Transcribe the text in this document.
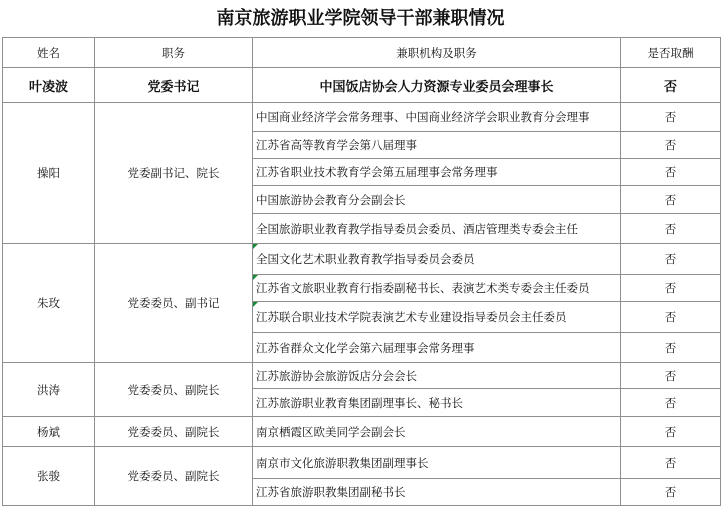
南京旅游职业学院领导干部兼职情况
姓名	职务	兼职机构及职务	是否取酬
叶凌波	党委书记	中国饭店协会人力资源专业委员会理事长	否
操阳	党委副书记、院长	中国商业经济学会常务理事、中国商业经济学会职业教育分会理事	否
		江苏省高等教育学会第八届理事	否
		江苏省职业技术教育学会第五届理事会常务理事	否
		中国旅游协会教育分会副会长	否
		全国旅游职业教育教学指导委员会委员、酒店管理类专委会主任	否
朱玫	党委委员、副书记	全国文化艺术职业教育教学指导委员会委员	否
		江苏省文旅职业教育行指委副秘书长、表演艺术类专委会主任委员	否
		江苏联合职业技术学院表演艺术专业建设指导委员会主任委员	否
		江苏省群众文化学会第六届理事会常务理事	否
洪涛	党委委员、副院长	江苏旅游协会旅游饭店分会会长	否
		江苏旅游职业教育集团副理事长、秘书长	否
杨斌	党委委员、副院长	南京栖霞区欧美同学会副会长	否
张骏	党委委员、副院长	南京市文化旅游职教集团副理事长	否
		江苏省旅游职教集团副秘书长	否
